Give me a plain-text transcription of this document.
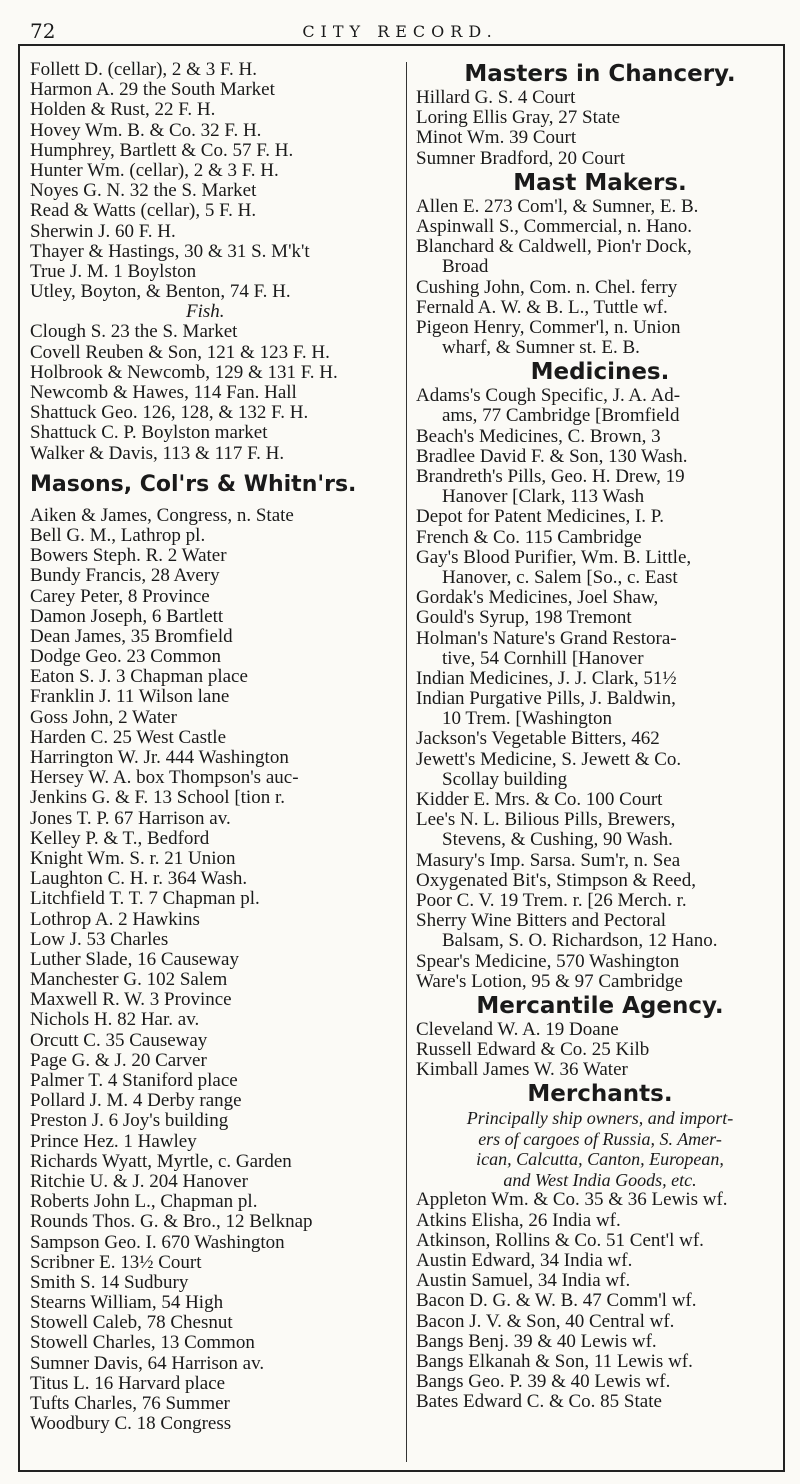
72	CITY RECORD.
Follett D. (cellar), 2 & 3 F. H.
Harmon A. 29 the South Market
Holden & Rust, 22 F. H.
Hovey Wm. B. & Co. 32 F. H.
Humphrey, Bartlett & Co. 57 F. H.
Hunter Wm. (cellar), 2 & 3 F. H.
Noyes G. N. 32 the S. Market
Read & Watts (cellar), 5 F. H.
Sherwin J. 60 F. H.
Thayer & Hastings, 30 & 31 S. M'k't
True J. M. 1 Boylston
Utley, Boyton, & Benton, 74 F. H.
Fish.
Clough S. 23 the S. Market
Covell Reuben & Son, 121 & 123 F. H.
Holbrook & Newcomb, 129 & 131 F. H.
Newcomb & Hawes, 114 Fan. Hall
Shattuck Geo. 126, 128, & 132 F. H.
Shattuck C. P. Boylston market
Walker & Davis, 113 & 117 F. H.
Masons, Col'rs & Whitn'rs.
Aiken & James, Congress, n. State
Bell G. M., Lathrop pl.
Bowers Steph. R. 2 Water
Bundy Francis, 28 Avery
Carey Peter, 8 Province
Damon Joseph, 6 Bartlett
Dean James, 35 Bromfield
Dodge Geo. 23 Common
Eaton S. J. 3 Chapman place
Franklin J. 11 Wilson lane
Goss John, 2 Water
Harden C. 25 West Castle
Harrington W. Jr. 444 Washington
Hersey W. A. box Thompson's auc-
Jenkins G. & F. 13 School [tion r.
Jones T. P. 67 Harrison av.
Kelley P. & T., Bedford
Knight Wm. S. r. 21 Union
Laughton C. H. r. 364 Wash.
Litchfield T. T. 7 Chapman pl.
Lothrop A. 2 Hawkins
Low J. 53 Charles
Luther Slade, 16 Causeway
Manchester G. 102 Salem
Maxwell R. W. 3 Province
Nichols H. 82 Har. av.
Orcutt C. 35 Causeway
Page G. & J. 20 Carver
Palmer T. 4 Staniford place
Pollard J. M. 4 Derby range
Preston J. 6 Joy's building
Prince Hez. 1 Hawley
Richards Wyatt, Myrtle, c. Garden
Ritchie U. & J. 204 Hanover
Roberts John L., Chapman pl.
Rounds Thos. G. & Bro., 12 Belknap
Sampson Geo. I. 670 Washington
Scribner E. 13½ Court
Smith S. 14 Sudbury
Stearns William, 54 High
Stowell Caleb, 78 Chesnut
Stowell Charles, 13 Common
Sumner Davis, 64 Harrison av.
Titus L. 16 Harvard place
Tufts Charles, 76 Summer
Woodbury C. 18 Congress
Masters in Chancery.
Hillard G. S. 4 Court
Loring Ellis Gray, 27 State
Minot Wm. 39 Court
Sumner Bradford, 20 Court
Mast Makers.
Allen E. 273 Com'l, & Sumner, E. B.
Aspinwall S., Commercial, n. Hano.
Blanchard & Caldwell, Pion'r Dock,
Broad
Cushing John, Com. n. Chel. ferry
Fernald A. W. & B. L., Tuttle wf.
Pigeon Henry, Commer'l, n. Union
wharf, & Sumner st. E. B.
Medicines.
Adams's Cough Specific, J. A. Ad-
ams, 77 Cambridge [Bromfield
Beach's Medicines, C. Brown, 3
Bradlee David F. & Son, 130 Wash.
Brandreth's Pills, Geo. H. Drew, 19
Hanover [Clark, 113 Wash
Depot for Patent Medicines, I. P.
French & Co. 115 Cambridge
Gay's Blood Purifier, Wm. B. Little,
Hanover, c. Salem [So., c. East
Gordak's Medicines, Joel Shaw,
Gould's Syrup, 198 Tremont
Holman's Nature's Grand Restora-
tive, 54 Cornhill [Hanover
Indian Medicines, J. J. Clark, 51½
Indian Purgative Pills, J. Baldwin,
10 Trem. [Washington
Jackson's Vegetable Bitters, 462
Jewett's Medicine, S. Jewett & Co.
Scollay building
Kidder E. Mrs. & Co. 100 Court
Lee's N. L. Bilious Pills, Brewers,
Stevens, & Cushing, 90 Wash.
Masury's Imp. Sarsa. Sum'r, n. Sea
Oxygenated Bit's, Stimpson & Reed,
Poor C. V. 19 Trem. r. [26 Merch. r.
Sherry Wine Bitters and Pectoral
Balsam, S. O. Richardson, 12 Hano.
Spear's Medicine, 570 Washington
Ware's Lotion, 95 & 97 Cambridge
Mercantile Agency.
Cleveland W. A. 19 Doane
Russell Edward & Co. 25 Kilb
Kimball James W. 36 Water
Merchants.
Principally ship owners, and import-
ers of cargoes of Russia, S. Amer-
ican, Calcutta, Canton, European,
and West India Goods, etc.
Appleton Wm. & Co. 35 & 36 Lewis wf.
Atkins Elisha, 26 India wf.
Atkinson, Rollins & Co. 51 Cent'l wf.
Austin Edward, 34 India wf.
Austin Samuel, 34 India wf.
Bacon D. G. & W. B. 47 Comm'l wf.
Bacon J. V. & Son, 40 Central wf.
Bangs Benj. 39 & 40 Lewis wf.
Bangs Elkanah & Son, 11 Lewis wf.
Bangs Geo. P. 39 & 40 Lewis wf.
Bates Edward C. & Co. 85 State
